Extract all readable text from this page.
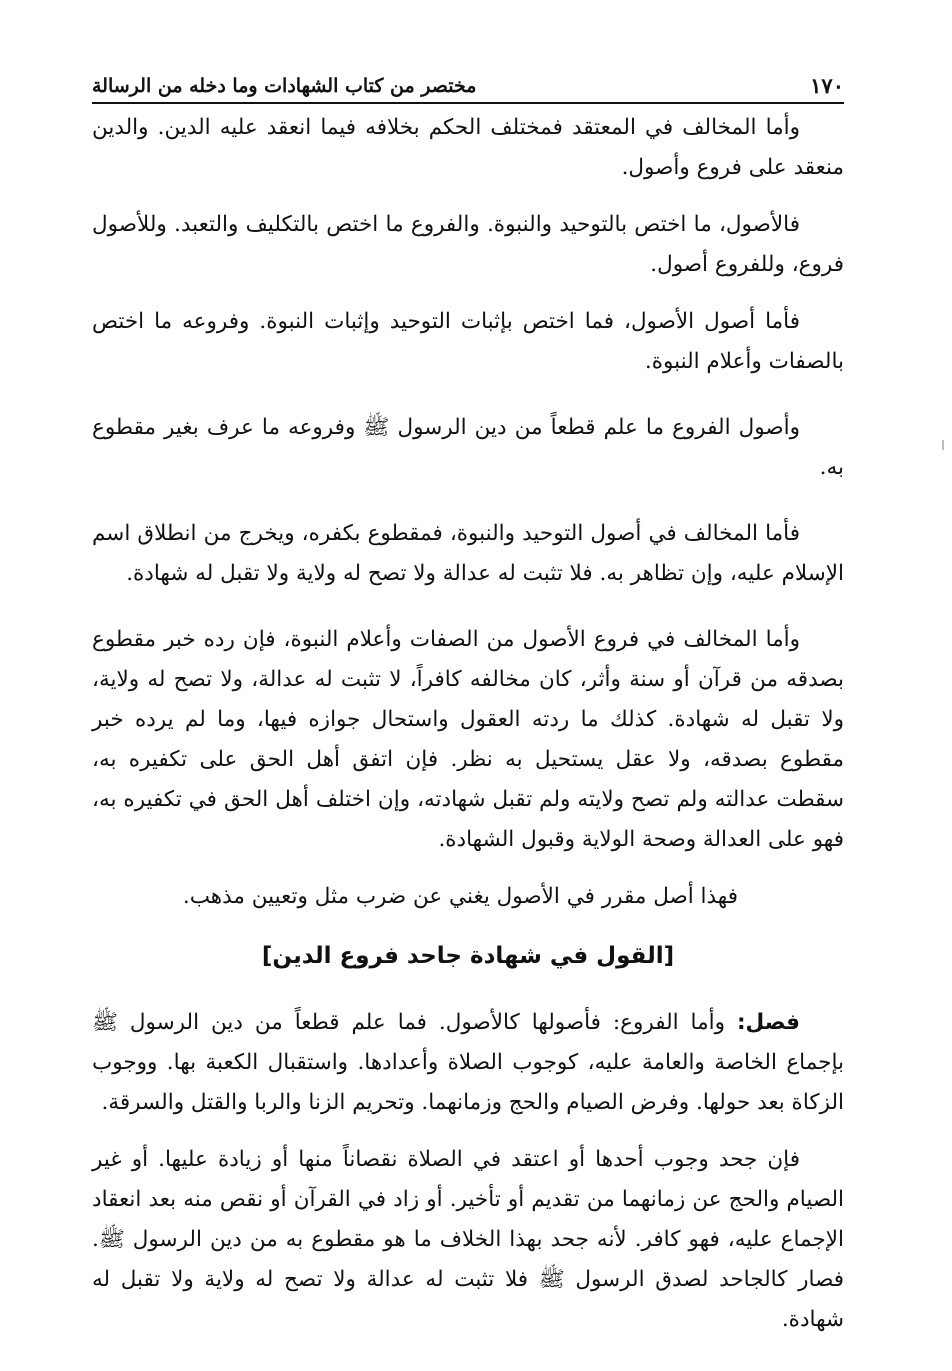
١٧٠
مختصر من كتاب الشهادات وما دخله من الرسالة

وأما المخالف في المعتقد فمختلف الحكم بخلافه فيما انعقد عليه الدين. والدين منعقد على فروع وأصول.

فالأصول، ما اختص بالتوحيد والنبوة. والفروع ما اختص بالتكليف والتعبد. وللأصول فروع، وللفروع أصول.

فأما أصول الأصول، فما اختص بإثبات التوحيد وإثبات النبوة. وفروعه ما اختص بالصفات وأعلام النبوة.

وأصول الفروع ما علم قطعاً من دين الرسول ﷺ وفروعه ما عرف بغير مقطوع به.

فأما المخالف في أصول التوحيد والنبوة، فمقطوع بكفره، ويخرج من انطلاق اسم الإسلام عليه، وإن تظاهر به. فلا تثبت له عدالة ولا تصح له ولاية ولا تقبل له شهادة.

وأما المخالف في فروع الأصول من الصفات وأعلام النبوة، فإن رده خبر مقطوع بصدقه من قرآن أو سنة وأثر، كان مخالفه كافراً، لا تثبت له عدالة، ولا تصح له ولاية، ولا تقبل له شهادة. كذلك ما ردته العقول واستحال جوازه فيها، وما لم يرده خبر مقطوع بصدقه، ولا عقل يستحيل به نظر. فإن اتفق أهل الحق على تكفيره به، سقطت عدالته ولم تصح ولايته ولم تقبل شهادته، وإن اختلف أهل الحق في تكفيره به، فهو على العدالة وصحة الولاية وقبول الشهادة.

فهذا أصل مقرر في الأصول يغني عن ضرب مثل وتعيين مذهب.

[القول في شهادة جاحد فروع الدين]

فصل: وأما الفروع: فأصولها كالأصول. فما علم قطعاً من دين الرسول ﷺ بإجماع الخاصة والعامة عليه، كوجوب الصلاة وأعدادها. واستقبال الكعبة بها. ووجوب الزكاة بعد حولها. وفرض الصيام والحج وزمانهما. وتحريم الزنا والربا والقتل والسرقة.

فإن جحد وجوب أحدها أو اعتقد في الصلاة نقصاناً منها أو زيادة عليها. أو غير الصيام والحج عن زمانهما من تقديم أو تأخير. أو زاد في القرآن أو نقص منه بعد انعقاد الإجماع عليه، فهو كافر. لأنه جحد بهذا الخلاف ما هو مقطوع به من دين الرسول ﷺ. فصار كالجاحد لصدق الرسول ﷺ فلا تثبت له عدالة ولا تصح له ولاية ولا تقبل له شهادة.
